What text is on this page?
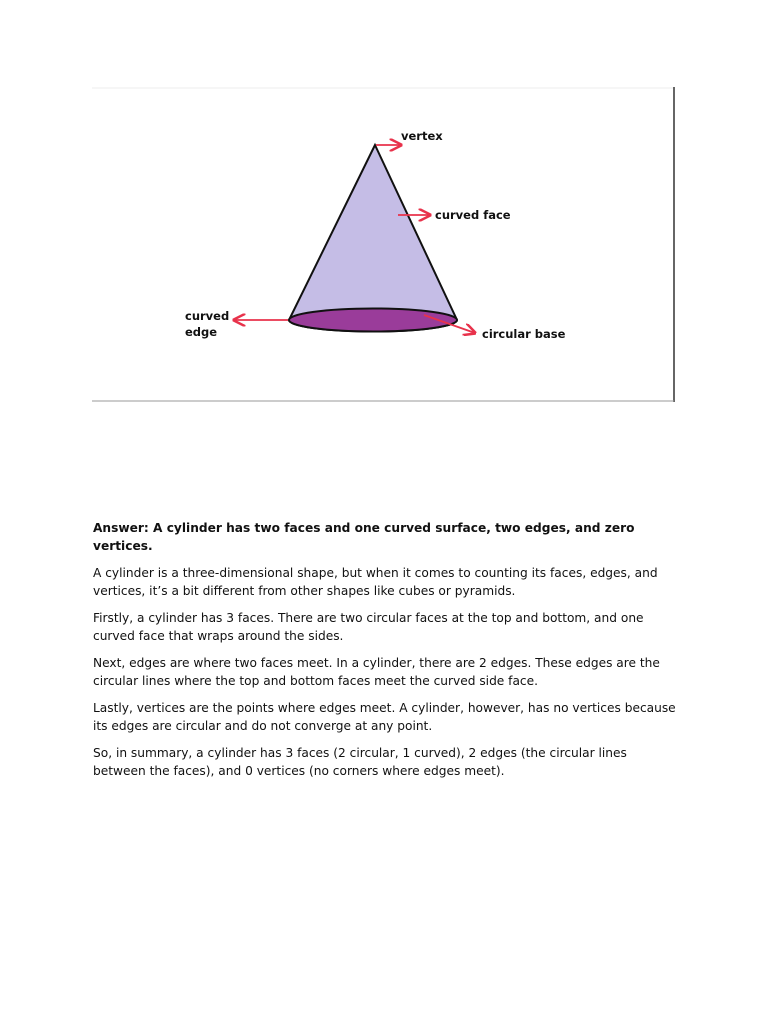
vertex
curved face
curved
edge	circular base

Answer: A cylinder has two faces and one curved surface, two edges, and zero vertices.

A cylinder is a three-dimensional shape, but when it comes to counting its faces, edges, and vertices, it’s a bit different from other shapes like cubes or pyramids.

Firstly, a cylinder has 3 faces. There are two circular faces at the top and bottom, and one curved face that wraps around the sides.

Next, edges are where two faces meet. In a cylinder, there are 2 edges. These edges are the circular lines where the top and bottom faces meet the curved side face.

Lastly, vertices are the points where edges meet. A cylinder, however, has no vertices because its edges are circular and do not converge at any point.

So, in summary, a cylinder has 3 faces (2 circular, 1 curved), 2 edges (the circular lines between the faces), and 0 vertices (no corners where edges meet).
